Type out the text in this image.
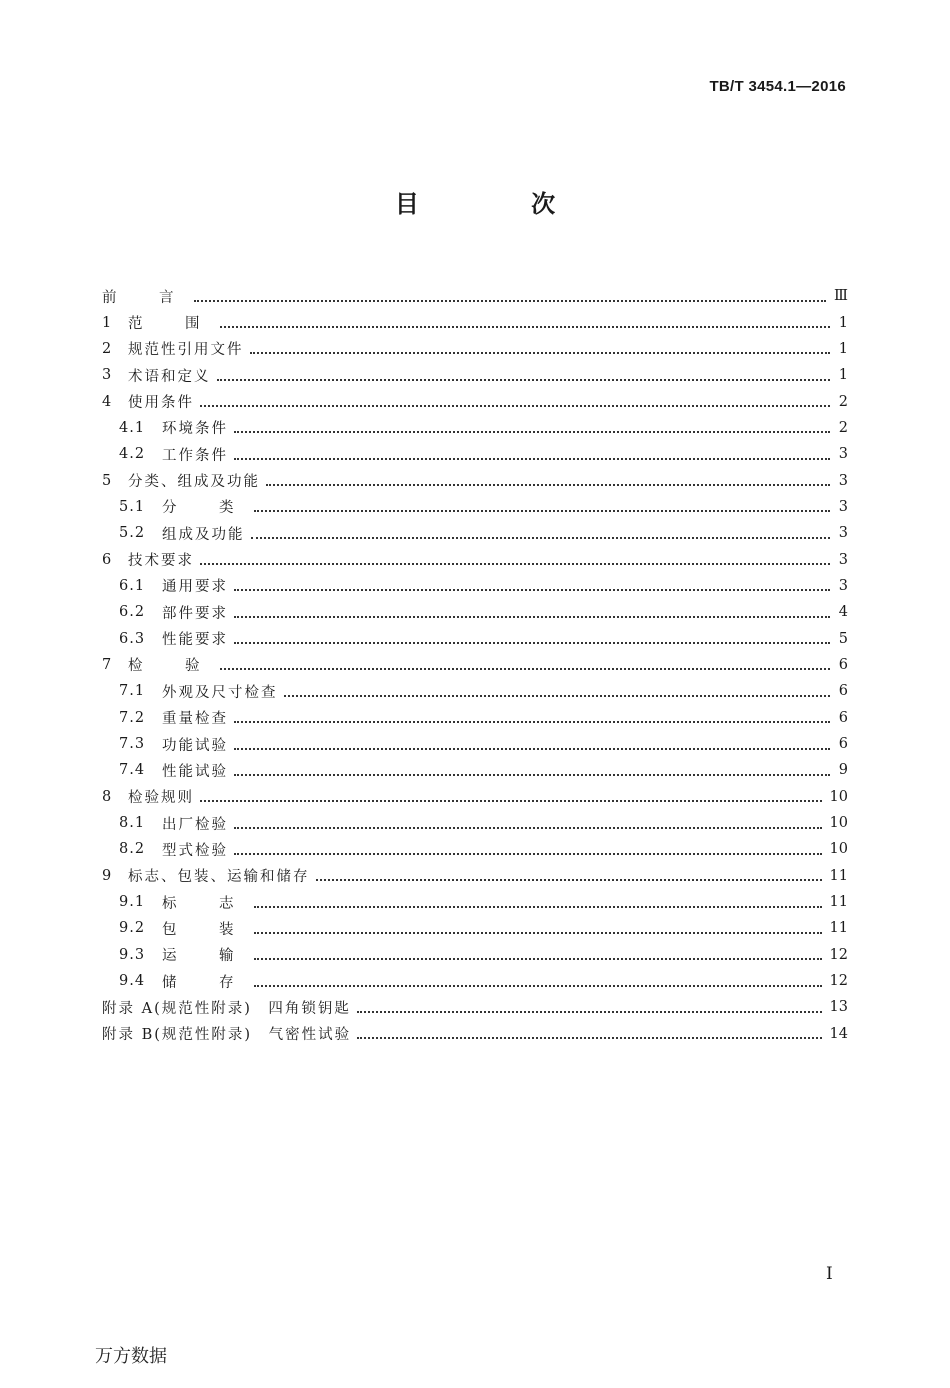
TB/T 3454.1—2016
目 次
前　言	Ⅲ
1	范　围	1
2	规范性引用文件	1
3	术语和定义	1
4	使用条件	2
4.1	环境条件	2
4.2	工作条件	3
5	分类、组成及功能	3
5.1	分　类	3
5.2	组成及功能	3
6	技术要求	3
6.1	通用要求	3
6.2	部件要求	4
6.3	性能要求	5
7	检　验	6
7.1	外观及尺寸检查	6
7.2	重量检查	6
7.3	功能试验	6
7.4	性能试验	9
8	检验规则	10
8.1	出厂检验	10
8.2	型式检验	10
9	标志、包装、运输和储存	11
9.1	标　志	11
9.2	包　装	11
9.3	运　输	12
9.4	储　存	12
附录 A(规范性附录)　四角锁钥匙	13
附录 B(规范性附录)　气密性试验	14
I
万方数据
